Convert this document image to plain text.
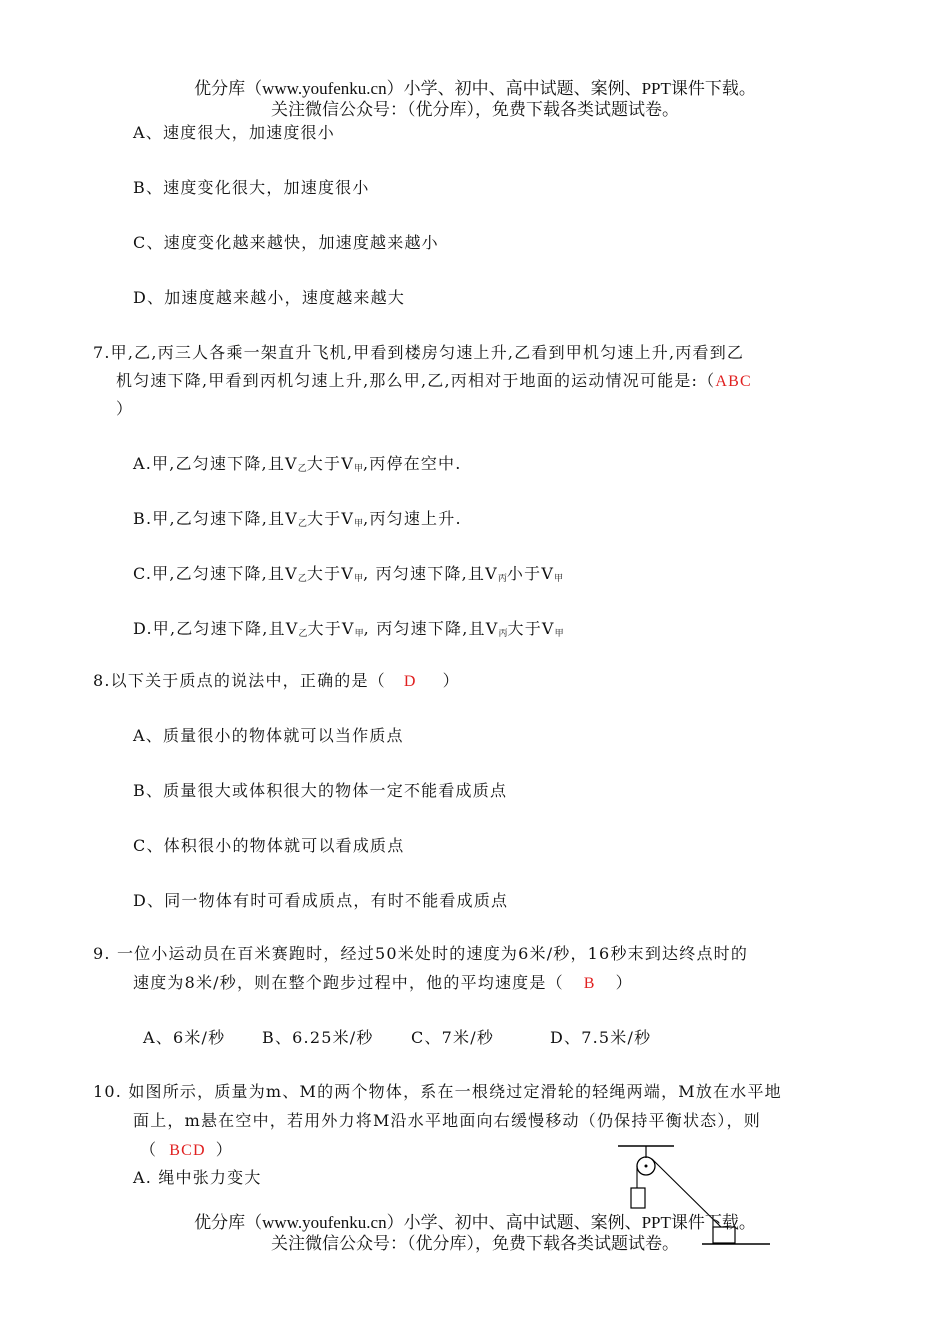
优分库（www.youfenku.cn）小学、初中、高中试题、案例、PPT课件下载。
关注微信公众号：（优分库），免费下载各类试题试卷。
A、速度很大，加速度很小
B、速度变化很大，加速度很小
C、速度变化越来越快，加速度越来越小
D、加速度越来越小，速度越来越大
7.甲,乙,丙三人各乘一架直升飞机,甲看到楼房匀速上升,乙看到甲机匀速上升,丙看到乙
机匀速下降,甲看到丙机匀速上升,那么甲,乙,丙相对于地面的运动情况可能是:（ABC
）
A.甲,乙匀速下降,且$V_乙$大于$V_甲$,丙停在空中.
B.甲,乙匀速下降,且$V_乙$大于$V_甲$,丙匀速上升.
C.甲,乙匀速下降,且$V_乙$大于$V_甲$, 丙匀速下降,且$V_丙$小于$V_甲$
D.甲,乙匀速下降,且$V_乙$大于$V_甲$, 丙匀速下降,且$V_丙$大于$V_甲$
8.以下关于质点的说法中，正确的是（ D ）
A、质量很小的物体就可以当作质点
B、质量很大或体积很大的物体一定不能看成质点
C、体积很小的物体就可以看成质点
D、同一物体有时可看成质点，有时不能看成质点
9. 一位小运动员在百米赛跑时，经过50米处时的速度为6米/秒，16秒末到达终点时的
速度为8米/秒，则在整个跑步过程中，他的平均速度是（ B ）
A、6米/秒 B、6.25米/秒 C、7米/秒	D、7.5米/秒
10. 如图所示，质量为m、M的两个物体，系在一根绕过定滑轮的轻绳两端，M放在水平地
面上，m悬在空中，若用外力将M沿水平地面向右缓慢移动（仍保持平衡状态），则
（ BCD ）
A. 绳中张力变大
优分库（www.youfenku.cn）小学、初中、高中试题、案例、PPT课件下载。
关注微信公众号：（优分库），免费下载各类试题试卷。
